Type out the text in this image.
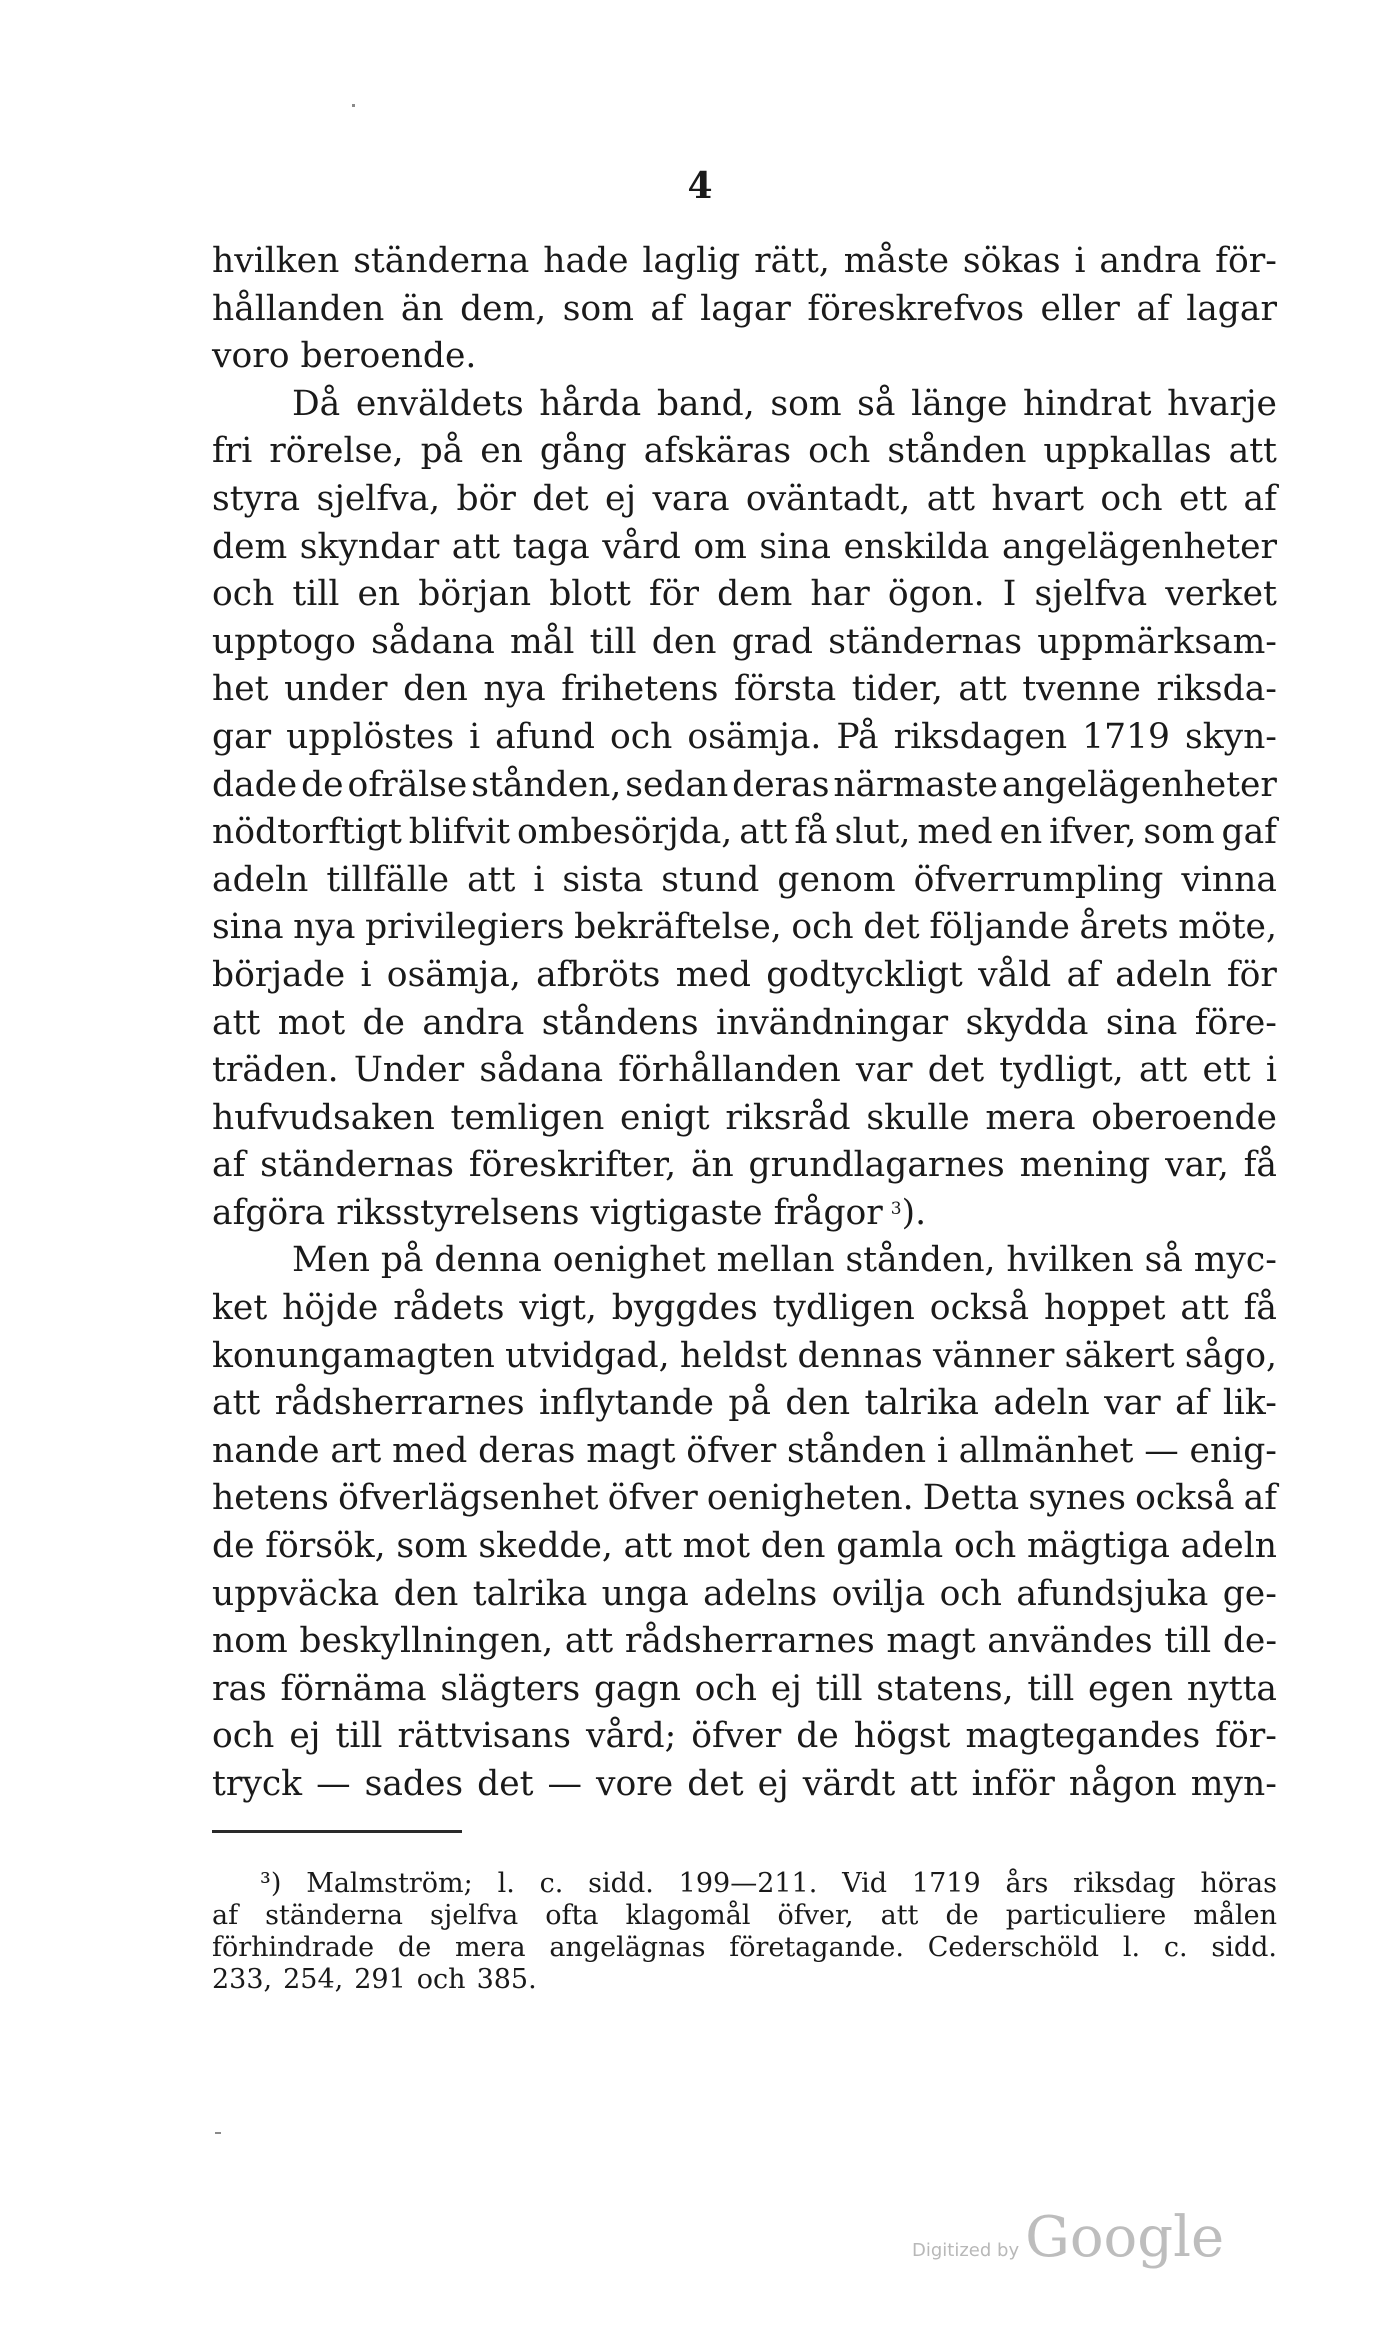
4
hvilken ständerna hade laglig rätt, måste sökas i andra för-
hållanden än dem, som af lagar föreskrefvos eller af lagar
voro beroende.
Då enväldets hårda band, som så länge hindrat hvarje
fri rörelse, på en gång afskäras och stånden uppkallas att
styra sjelfva, bör det ej vara oväntadt, att hvart och ett af
dem skyndar att taga vård om sina enskilda angelägenheter
och till en början blott för dem har ögon. I sjelfva verket
upptogo sådana mål till den grad ständernas uppmärksam-
het under den nya frihetens första tider, att tvenne riksda-
gar upplöstes i afund och osämja. På riksdagen 1719 skyn-
dade de ofrälse stånden, sedan deras närmaste angelägenheter
nödtorftigt blifvit ombesörjda, att få slut, med en ifver, som gaf
adeln tillfälle att i sista stund genom öfverrumpling vinna
sina nya privilegiers bekräftelse, och det följande årets möte,
började i osämja, afbröts med godtyckligt våld af adeln för
att mot de andra ståndens invändningar skydda sina före-
träden. Under sådana förhållanden var det tydligt, att ett i
hufvudsaken temligen enigt riksråd skulle mera oberoende
af ständernas föreskrifter, än grundlagarnes mening var, få
afgöra riksstyrelsens vigtigaste frågor $^3$).
Men på denna oenighet mellan stånden, hvilken så myc-
ket höjde rådets vigt, byggdes tydligen också hoppet att få
konungamagten utvidgad, heldst dennas vänner säkert sågo,
att rådsherrarnes inflytande på den talrika adeln var af lik-
nande art med deras magt öfver stånden i allmänhet — enig-
hetens öfverlägsenhet öfver oenigheten. Detta synes också af
de försök, som skedde, att mot den gamla och mägtiga adeln
uppväcka den talrika unga adelns ovilja och afundsjuka ge-
nom beskyllningen, att rådsherrarnes magt användes till de-
ras förnäma slägters gagn och ej till statens, till egen nytta
och ej till rättvisans vård; öfver de högst magtegandes för-
tryck — sades det — vore det ej värdt att inför någon myn-
³) Malmström; l. c. sidd. 199—211. Vid 1719 års riksdag höras
af ständerna sjelfva ofta klagomål öfver, att de particuliere målen
förhindrade de mera angelägnas företagande. Cederschöld l. c. sidd.
233, 254, 291 och 385.
Digitized by Google
